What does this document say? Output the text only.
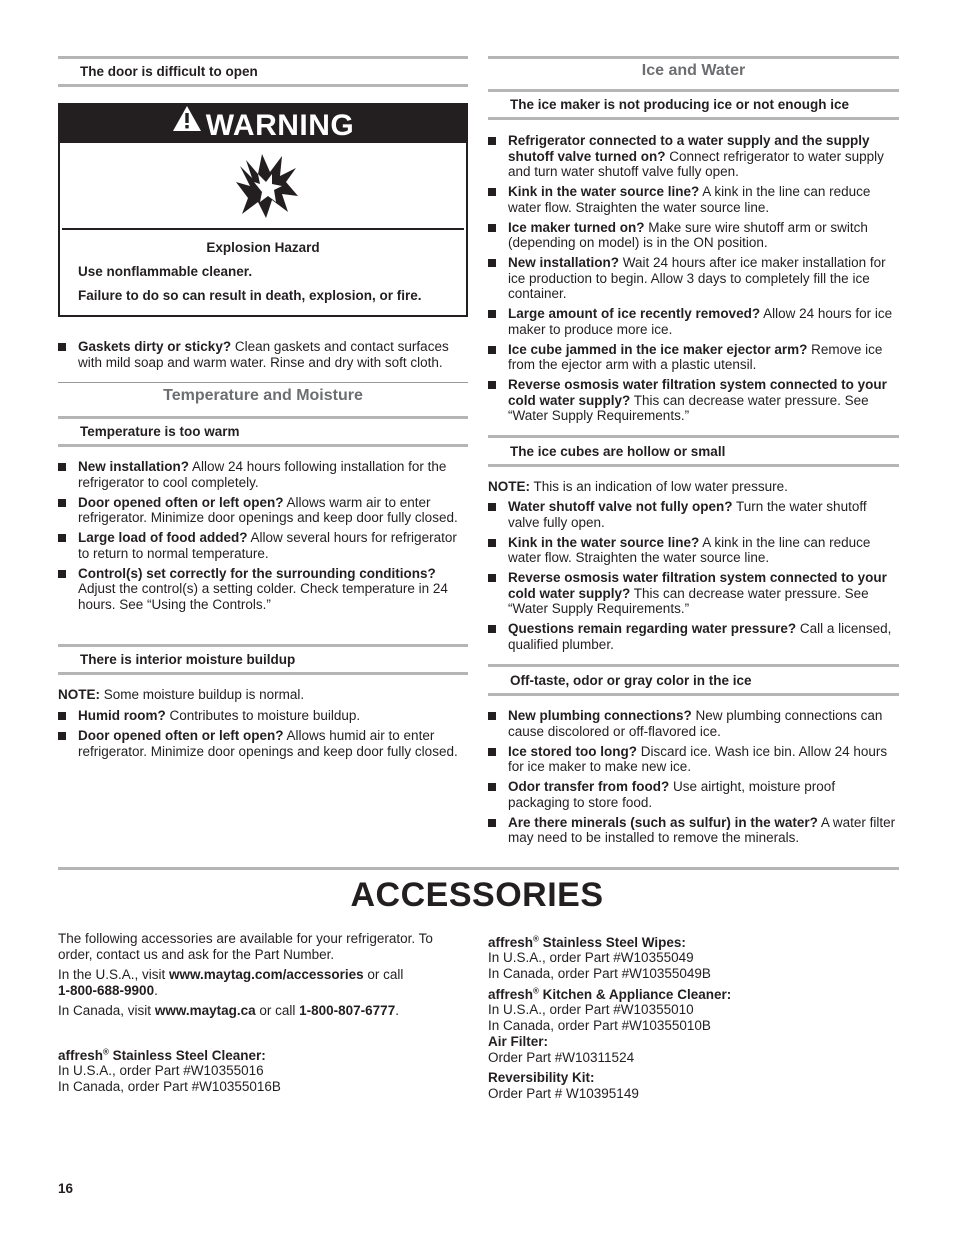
The door is difficult to open
WARNING
Explosion Hazard
Use nonflammable cleaner.
Failure to do so can result in death, explosion, or fire.
Gaskets dirty or sticky? Clean gaskets and contact surfaces with mild soap and warm water. Rinse and dry with soft cloth.
Temperature and Moisture
Temperature is too warm
New installation? Allow 24 hours following installation for the refrigerator to cool completely.
Door opened often or left open? Allows warm air to enter refrigerator. Minimize door openings and keep door fully closed.
Large load of food added? Allow several hours for refrigerator to return to normal temperature.
Control(s) set correctly for the surrounding conditions? Adjust the control(s) a setting colder. Check temperature in 24 hours. See “Using the Controls.”
There is interior moisture buildup
NOTE: Some moisture buildup is normal.
Humid room? Contributes to moisture buildup.
Door opened often or left open? Allows humid air to enter refrigerator. Minimize door openings and keep door fully closed.
Ice and Water
The ice maker is not producing ice or not enough ice
Refrigerator connected to a water supply and the supply shutoff valve turned on? Connect refrigerator to water supply and turn water shutoff valve fully open.
Kink in the water source line? A kink in the line can reduce water flow. Straighten the water source line.
Ice maker turned on? Make sure wire shutoff arm or switch (depending on model) is in the ON position.
New installation? Wait 24 hours after ice maker installation for ice production to begin. Allow 3 days to completely fill the ice container.
Large amount of ice recently removed? Allow 24 hours for ice maker to produce more ice.
Ice cube jammed in the ice maker ejector arm? Remove ice from the ejector arm with a plastic utensil.
Reverse osmosis water filtration system connected to your cold water supply? This can decrease water pressure. See “Water Supply Requirements.”
The ice cubes are hollow or small
NOTE: This is an indication of low water pressure.
Water shutoff valve not fully open? Turn the water shutoff valve fully open.
Kink in the water source line? A kink in the line can reduce water flow. Straighten the water source line.
Reverse osmosis water filtration system connected to your cold water supply? This can decrease water pressure. See “Water Supply Requirements.”
Questions remain regarding water pressure? Call a licensed, qualified plumber.
Off-taste, odor or gray color in the ice
New plumbing connections? New plumbing connections can cause discolored or off-flavored ice.
Ice stored too long? Discard ice. Wash ice bin. Allow 24 hours for ice maker to make new ice.
Odor transfer from food? Use airtight, moisture proof packaging to store food.
Are there minerals (such as sulfur) in the water? A water filter may need to be installed to remove the minerals.
ACCESSORIES
The following accessories are available for your refrigerator. To order, contact us and ask for the Part Number.
In the U.S.A., visit www.maytag.com/accessories or call
1-800-688-9900.
In Canada, visit www.maytag.ca or call 1-800-807-6777.
affresh® Stainless Steel Cleaner:
In U.S.A., order Part #W10355016
In Canada, order Part #W10355016B
affresh® Stainless Steel Wipes:
In U.S.A., order Part #W10355049
In Canada, order Part #W10355049B
affresh® Kitchen & Appliance Cleaner:
In U.S.A., order Part #W10355010
In Canada, order Part #W10355010B
Air Filter:
Order Part #W10311524
Reversibility Kit:
Order Part # W10395149
16
